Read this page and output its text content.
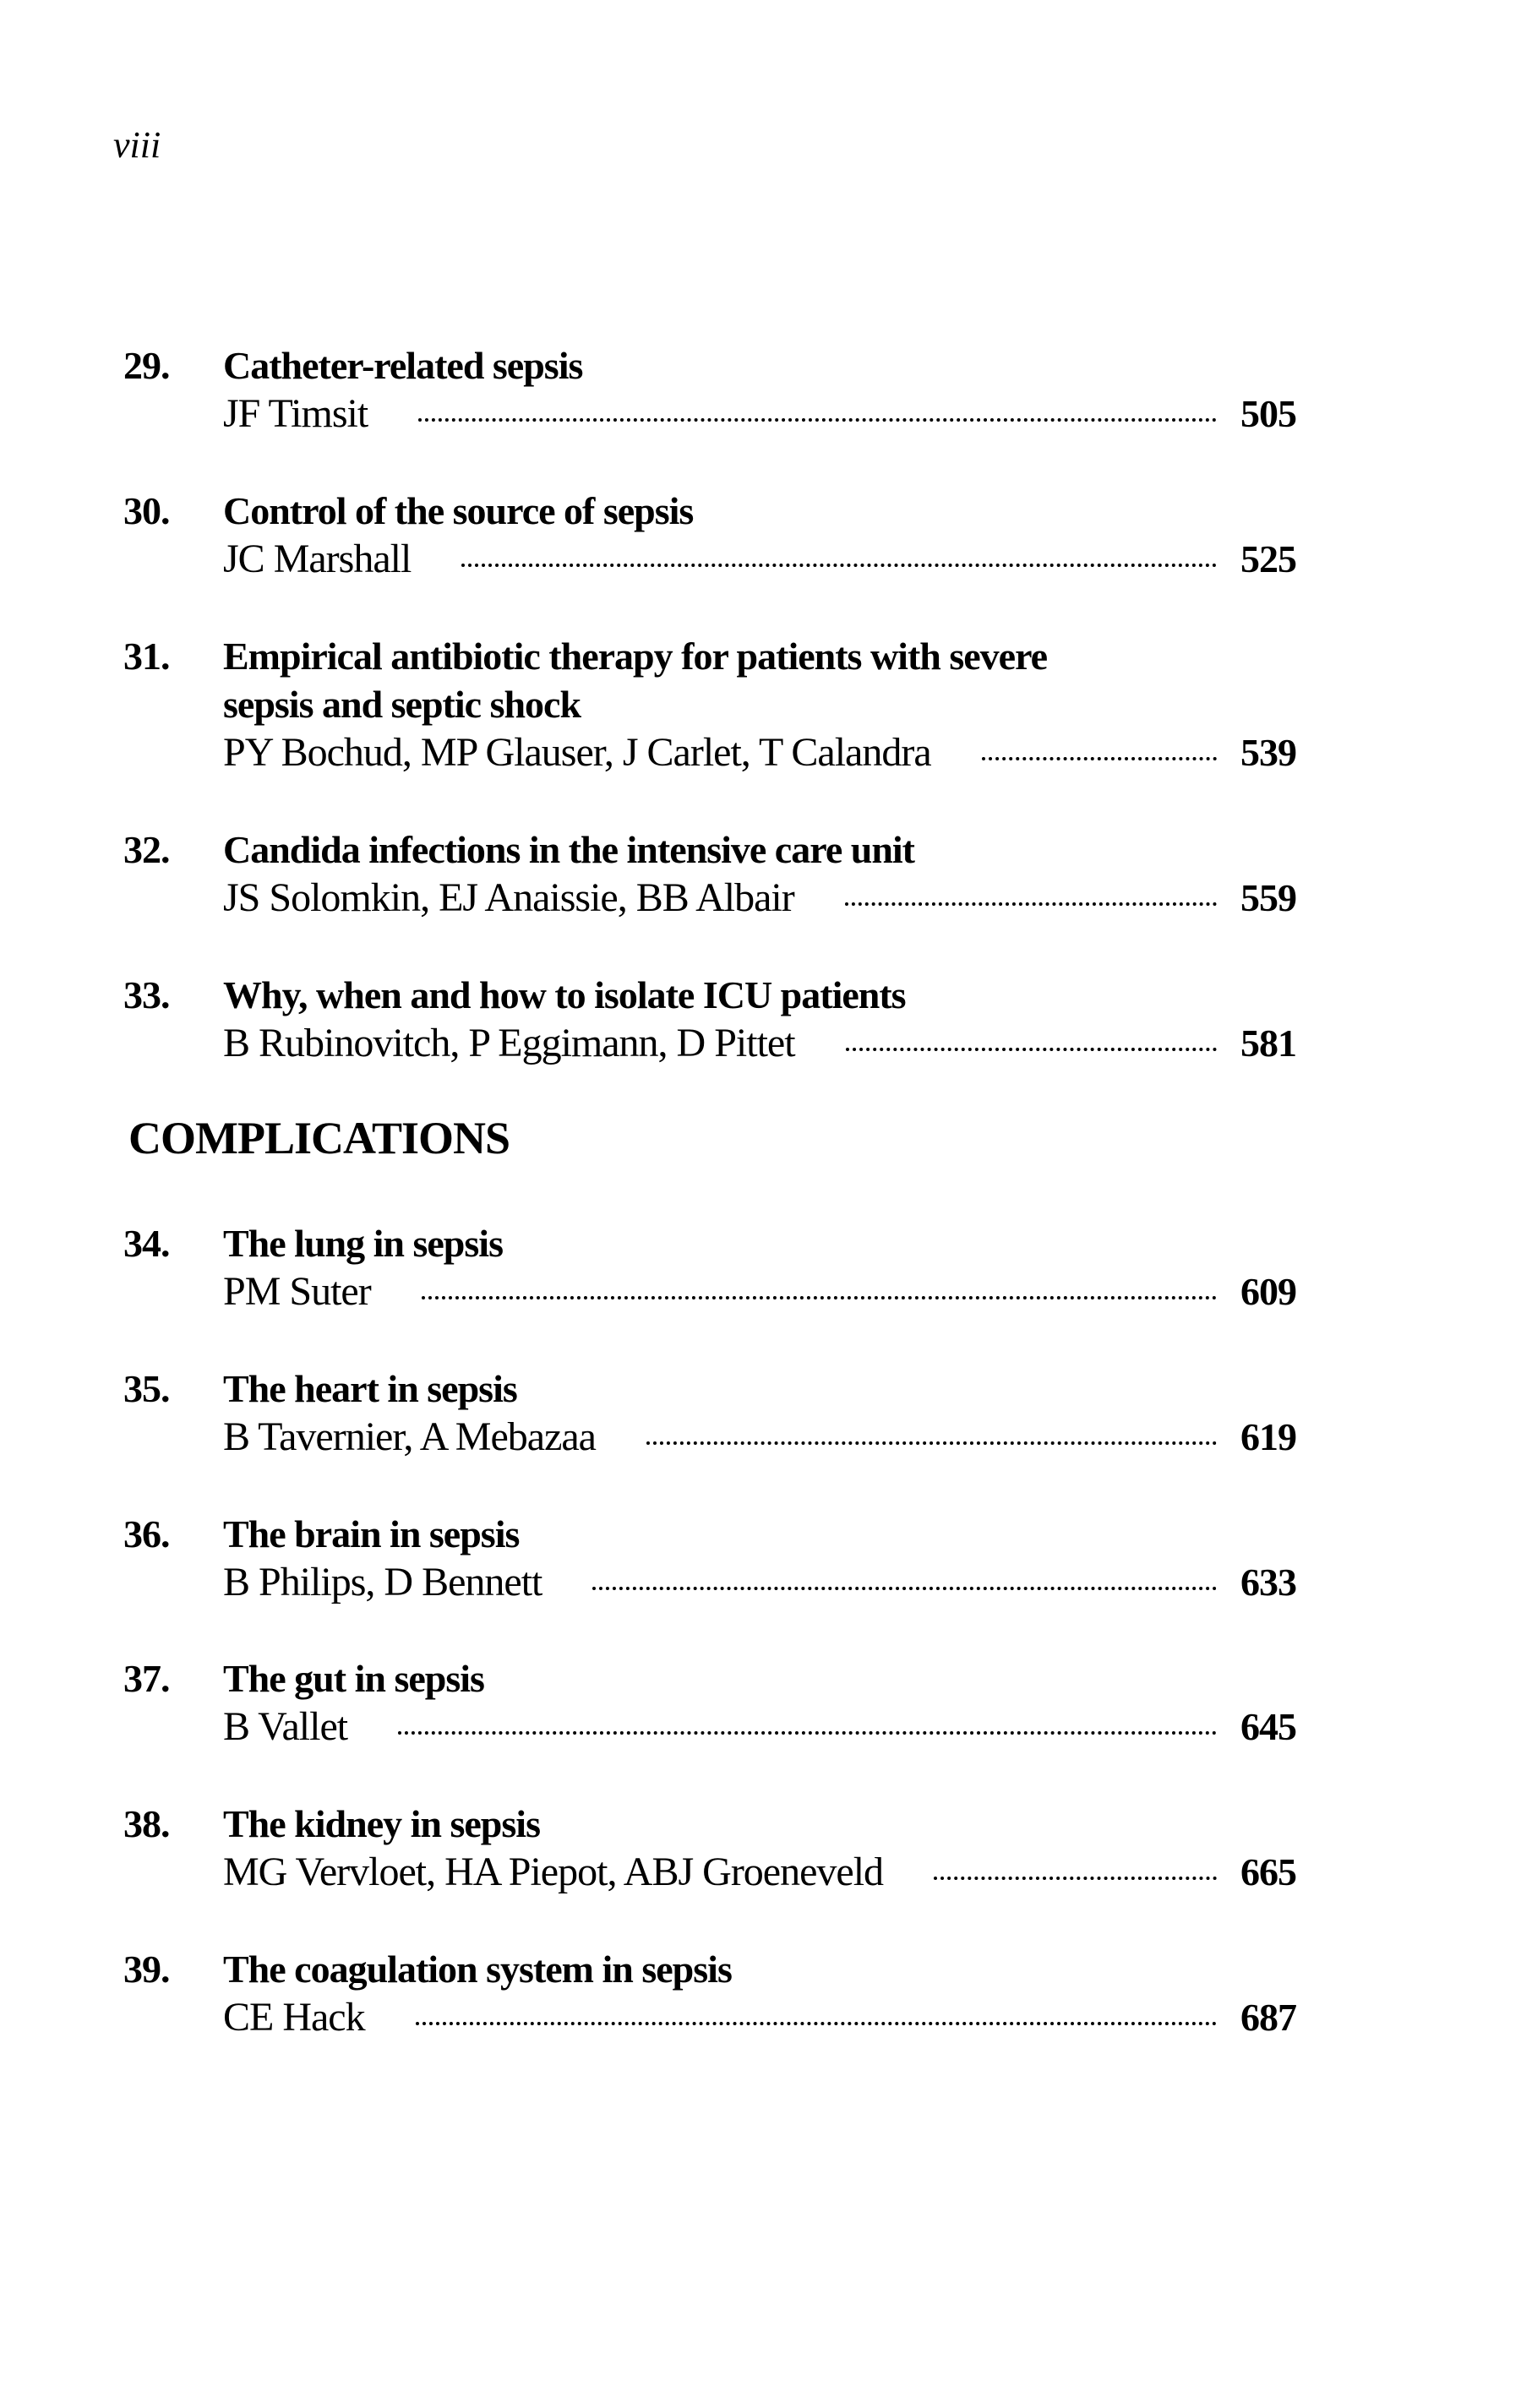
viii
29. Catheter-related sepsis
JF Timsit	505
30. Control of the source of sepsis
JC Marshall	525
31. Empirical antibiotic therapy for patients with severe
sepsis and septic shock
PY Bochud, MP Glauser, J Carlet, T Calandra	539
32. Candida infections in the intensive care unit
JS Solomkin, EJ Anaissie, BB Albair	559
33. Why, when and how to isolate ICU patients
B Rubinovitch, P Eggimann, D Pittet	581
COMPLICATIONS
34. The lung in sepsis
PM Suter	609
35. The heart in sepsis
B Tavernier, A Mebazaa	619
36. The brain in sepsis
B Philips, D Bennett	633
37. The gut in sepsis
B Vallet	645
38. The kidney in sepsis
MG Vervloet, HA Piepot, ABJ Groeneveld	665
39. The coagulation system in sepsis
CE Hack	687
